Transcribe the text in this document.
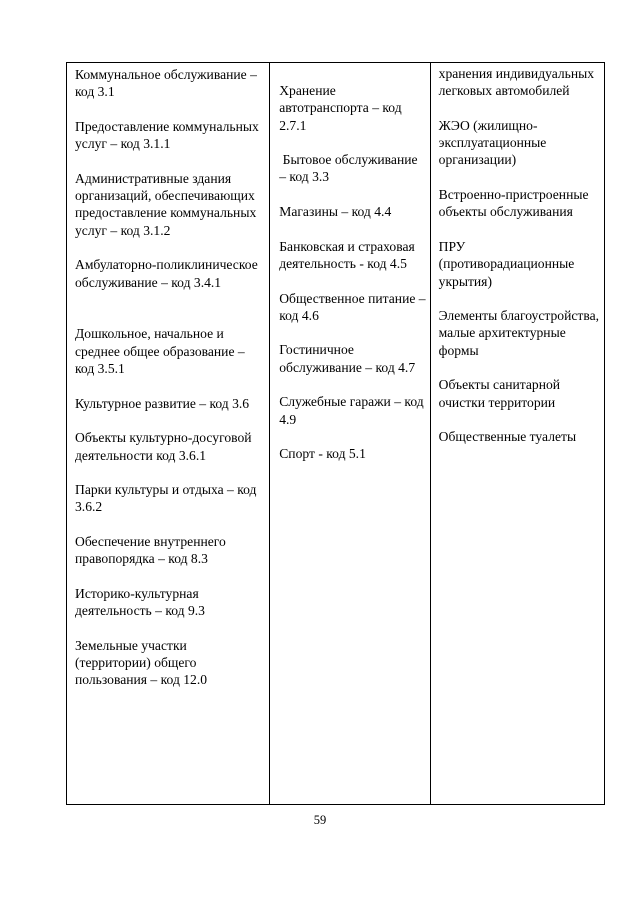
Коммунальное обслуживание – код 3.1

Предоставление коммунальных услуг – код 3.1.1

Административные здания организаций, обеспечивающих предоставление коммунальных услуг – код 3.1.2

Амбулаторно-поликлиническое обслуживание – код 3.4.1

Дошкольное, начальное и среднее общее образование – код 3.5.1

Культурное развитие – код 3.6

Объекты культурно-досуговой деятельности код 3.6.1

Парки культуры и отдыха – код 3.6.2

Обеспечение внутреннего правопорядка – код 8.3

Историко-культурная деятельность – код 9.3

Земельные участки (территории) общего пользования – код 12.0

Хранение автотранспорта – код 2.7.1

Бытовое обслуживание – код 3.3

Магазины – код 4.4

Банковская и страховая деятельность - код 4.5

Общественное питание – код 4.6

Гостиничное обслуживание – код 4.7

Служебные гаражи – код 4.9

Спорт - код 5.1

хранения индивидуальных легковых автомобилей

ЖЭО (жилищно-эксплуатационные организации)

Встроенно-пристроенные объекты обслуживания

ПРУ (противорадиационные укрытия)

Элементы благоустройства, малые архитектурные формы

Объекты санитарной очистки территории

Общественные туалеты

59
